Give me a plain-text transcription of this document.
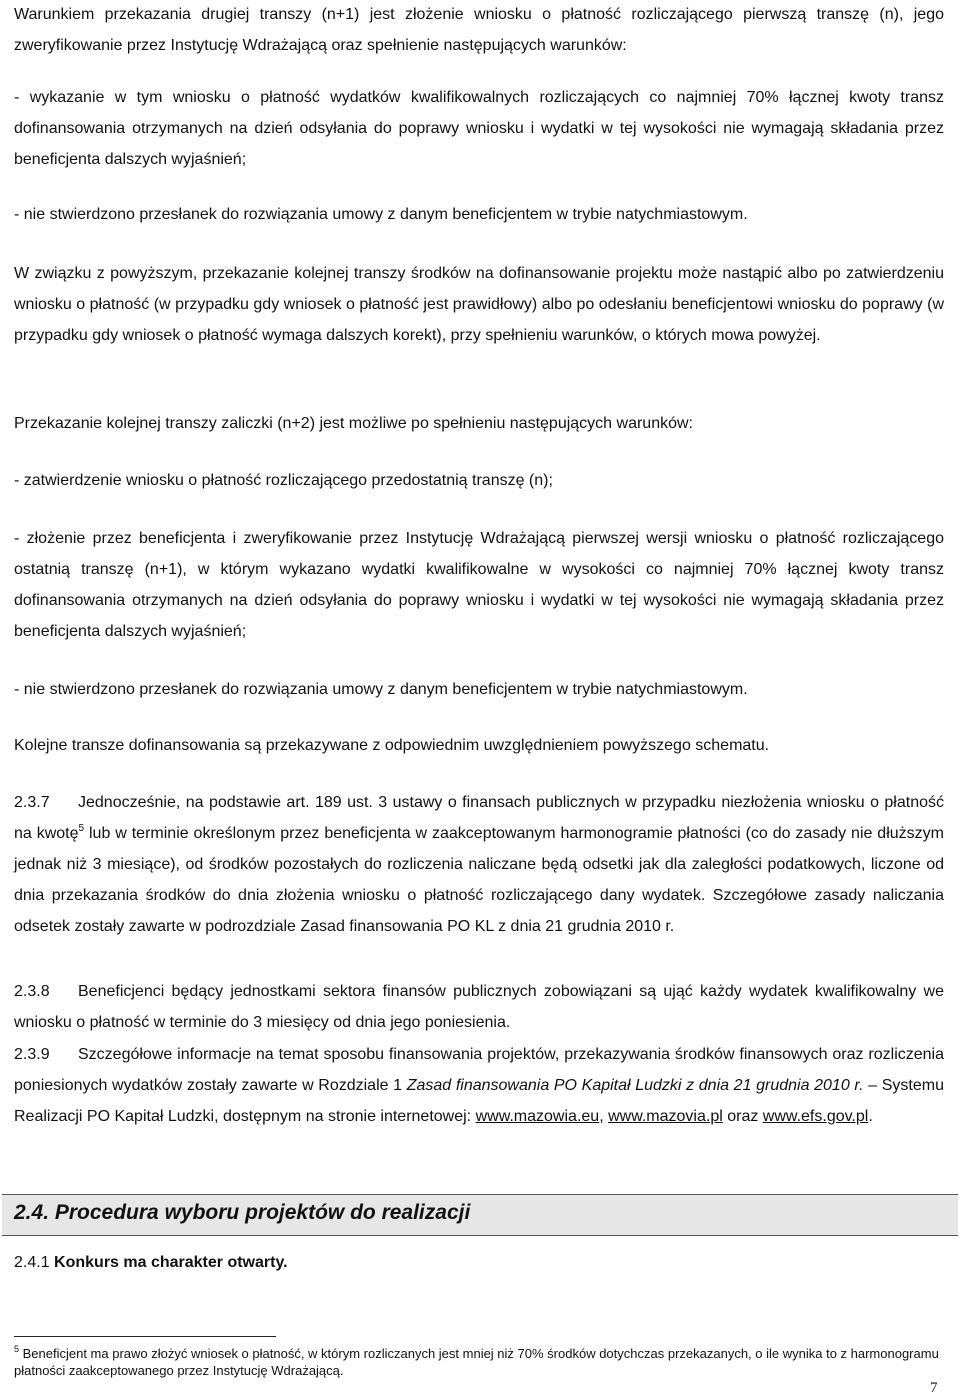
Warunkiem przekazania drugiej transzy (n+1) jest złożenie wniosku o płatność rozliczającego pierwszą transzę (n), jego zweryfikowanie przez Instytucję Wdrażającą oraz spełnienie następujących warunków:

- wykazanie w tym wniosku o płatność wydatków kwalifikowalnych rozliczających co najmniej 70% łącznej kwoty transz dofinansowania otrzymanych na dzień odsyłania do poprawy wniosku i wydatki w tej wysokości nie wymagają składania przez beneficjenta dalszych wyjaśnień;

- nie stwierdzono przesłanek do rozwiązania umowy z danym beneficjentem w trybie natychmiastowym.

W związku z powyższym, przekazanie kolejnej transzy środków na dofinansowanie projektu może nastąpić albo po zatwierdzeniu wniosku o płatność (w przypadku gdy wniosek o płatność jest prawidłowy) albo po odesłaniu beneficjentowi wniosku do poprawy (w przypadku gdy wniosek o płatność wymaga dalszych korekt), przy spełnieniu warunków, o których mowa powyżej.

Przekazanie kolejnej transzy zaliczki (n+2) jest możliwe po spełnieniu następujących warunków:

- zatwierdzenie wniosku o płatność rozliczającego przedostatnią transzę (n);

- złożenie przez beneficjenta i zweryfikowanie przez Instytucję Wdrażającą pierwszej wersji wniosku o płatność rozliczającego ostatnią transzę (n+1), w którym wykazano wydatki kwalifikowalne w wysokości co najmniej 70% łącznej kwoty transz dofinansowania otrzymanych na dzień odsyłania do poprawy wniosku i wydatki w tej wysokości nie wymagają składania przez beneficjenta dalszych wyjaśnień;

- nie stwierdzono przesłanek do rozwiązania umowy z danym beneficjentem w trybie natychmiastowym.

Kolejne transze dofinansowania są przekazywane z odpowiednim uwzględnieniem powyższego schematu.

2.3.7 Jednocześnie, na podstawie art. 189 ust. 3 ustawy o finansach publicznych w przypadku niezłożenia wniosku o płatność na kwotę$^5$ lub w terminie określonym przez beneficjenta w zaakceptowanym harmonogramie płatności (co do zasady nie dłuższym jednak niż 3 miesiące), od środków pozostałych do rozliczenia naliczane będą odsetki jak dla zaległości podatkowych, liczone od dnia przekazania środków do dnia złożenia wniosku o płatność rozliczającego dany wydatek. Szczegółowe zasady naliczania odsetek zostały zawarte w podrozdziale Zasad finansowania PO KL z dnia 21 grudnia 2010 r.

2.3.8 Beneficjenci będący jednostkami sektora finansów publicznych zobowiązani są ująć każdy wydatek kwalifikowalny we wniosku o płatność w terminie do 3 miesięcy od dnia jego poniesienia.

2.3.9 Szczegółowe informacje na temat sposobu finansowania projektów, przekazywania środków finansowych oraz rozliczenia poniesionych wydatków zostały zawarte w Rozdziale 1 Zasad finansowania PO Kapitał Ludzki z dnia 21 grudnia 2010 r. – Systemu Realizacji PO Kapitał Ludzki, dostępnym na stronie internetowej: www.mazowia.eu, www.mazovia.pl oraz www.efs.gov.pl.

2.4. Procedura wyboru projektów do realizacji

2.4.1 Konkurs ma charakter otwarty.

$^5$ Beneficjent ma prawo złożyć wniosek o płatność, w którym rozliczanych jest mniej niż 70% środków dotychczas przekazanych, o ile wynika to z harmonogramu płatności zaakceptowanego przez Instytucję Wdrażającą.

7
